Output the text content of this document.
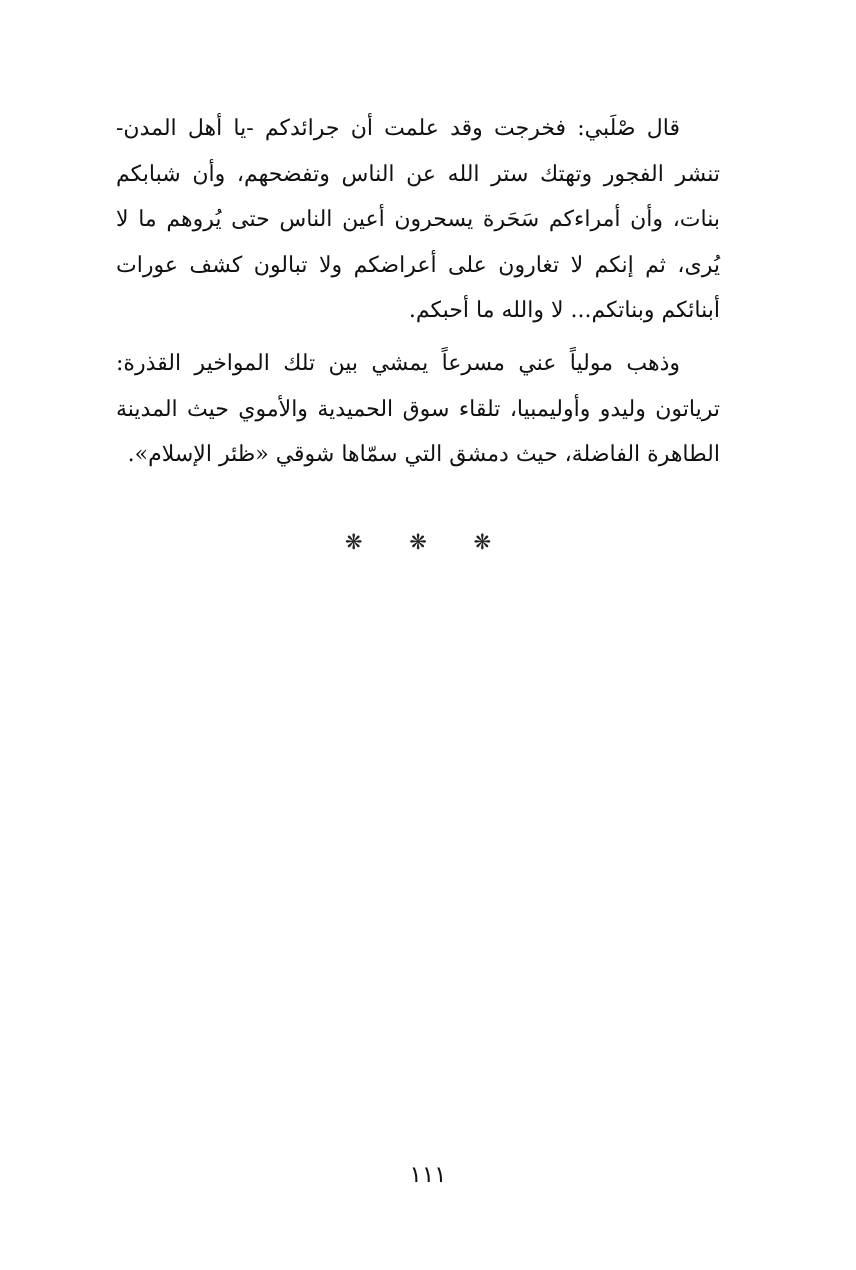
قال صْلَبي: فخرجت وقد علمت أن جرائدكم -يا أهل المدن- تنشر الفجور وتهتك ستر الله عن الناس وتفضحهم، وأن شبابكم بنات، وأن أمراءكم سَحَرة يسحرون أعين الناس حتى يُروهم ما لا يُرى، ثم إنكم لا تغارون على أعراضكم ولا تبالون كشف عورات أبنائكم وبناتكم... لا والله ما أحبكم.

وذهب مولياً عني مسرعاً يمشي بين تلك المواخير القذرة: ترياتون وليدو وأوليمبيا، تلقاء سوق الحميدية والأموي حيث المدينة الطاهرة الفاضلة، حيث دمشق التي سمّاها شوقي «ظئر الإسلام».

❋ ❋ ❋
١١١
